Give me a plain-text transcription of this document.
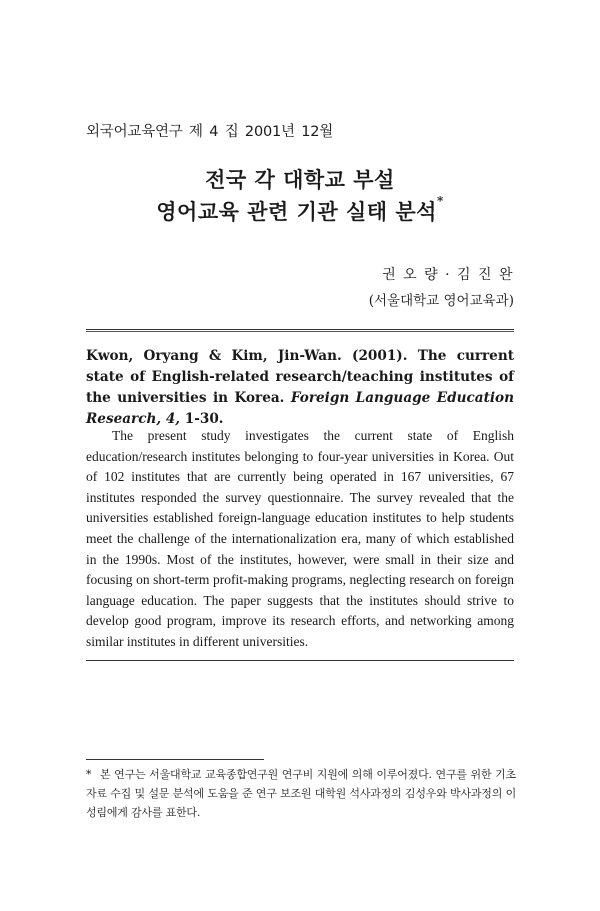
외국어교육연구 제 4 집 2001년 12월
전국 각 대학교 부설
영어교육 관련 기관 실태 분석*
권 오 량 · 김 진 완
(서울대학교 영어교육과)
Kwon, Oryang & Kim, Jin-Wan. (2001). The current state of English-related research/teaching institutes of the universities in Korea. Foreign Language Education Research, 4, 1-30.

The present study investigates the current state of English education/research institutes belonging to four-year universities in Korea. Out of 102 institutes that are currently being operated in 167 universities, 67 institutes responded the survey questionnaire. The survey revealed that the universities established foreign-language education institutes to help students meet the challenge of the internationalization era, many of which established in the 1990s. Most of the institutes, however, were small in their size and focusing on short-term profit-making programs, neglecting research on foreign language education. The paper suggests that the institutes should strive to develop good program, improve its research efforts, and networking among similar institutes in different universities.

* 본 연구는 서울대학교 교육종합연구원 연구비 지원에 의해 이루어졌다. 연구를 위한 기초 자료 수집 및 설문 분석에 도움을 준 연구 보조원 대학원 석사과정의 김성우와 박사과정의 이성림에게 감사를 표한다.
